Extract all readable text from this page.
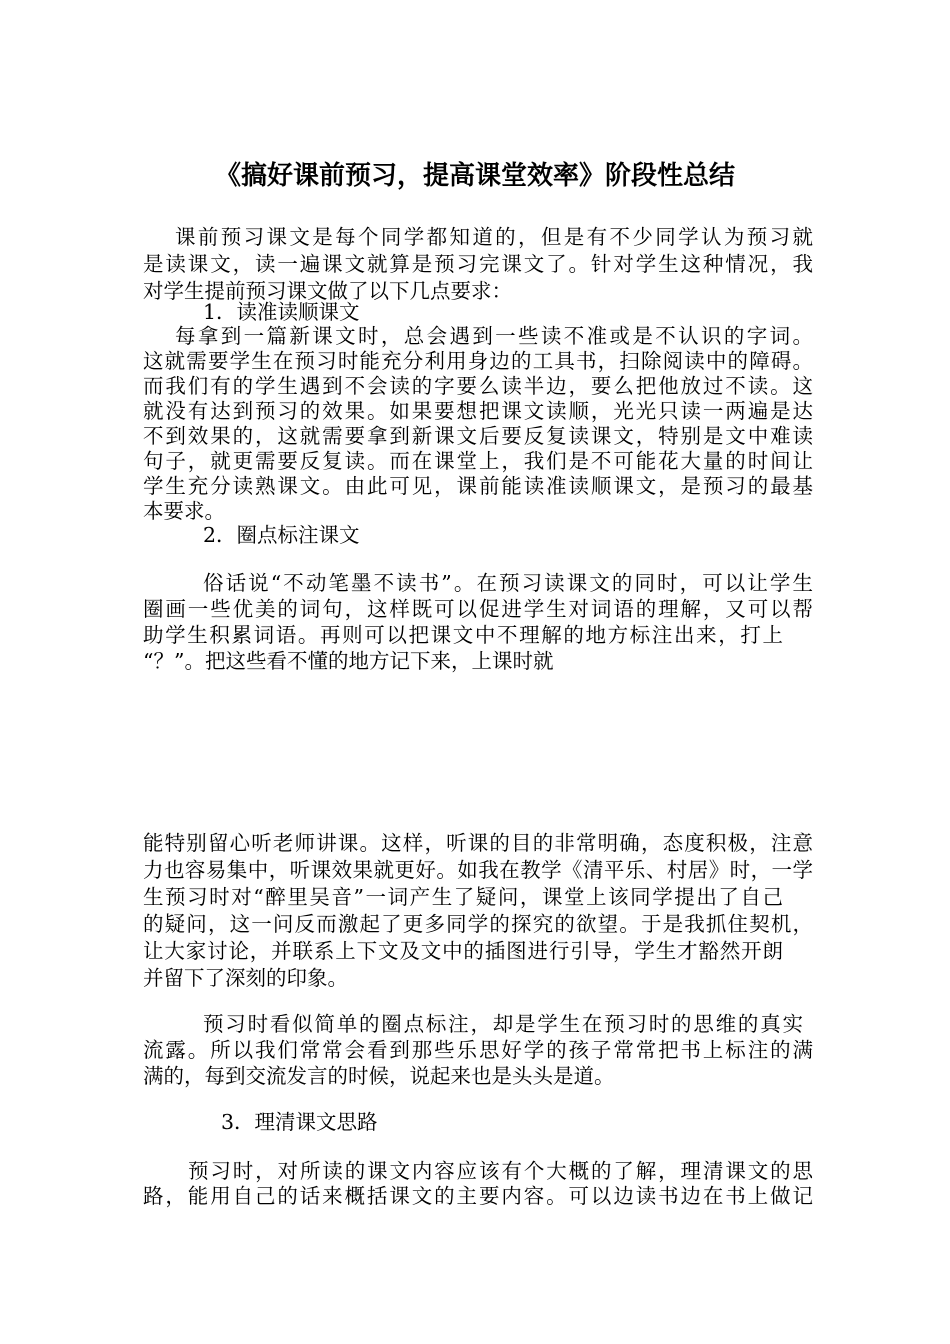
《搞好课前预习，提高课堂效率》阶段性总结
课前预习课文是每个同学都知道的，但是有不少同学认为预习就
是读课文，读一遍课文就算是预习完课文了。针对学生这种情况，我
对学生提前预习课文做了以下几点要求：
1．读准读顺课文
每拿到一篇新课文时，总会遇到一些读不准或是不认识的字词。
这就需要学生在预习时能充分利用身边的工具书，扫除阅读中的障碍。
而我们有的学生遇到不会读的字要么读半边，要么把他放过不读。这
就没有达到预习的效果。如果要想把课文读顺，光光只读一两遍是达
不到效果的，这就需要拿到新课文后要反复读课文，特别是文中难读
句子，就更需要反复读。而在课堂上，我们是不可能花大量的时间让
学生充分读熟课文。由此可见，课前能读准读顺课文，是预习的最基
本要求。
2．圈点标注课文
俗话说“不动笔墨不读书”。在预习读课文的同时，可以让学生
圈画一些优美的词句，这样既可以促进学生对词语的理解，又可以帮
助学生积累词语。再则可以把课文中不理解的地方标注出来，打上
“？”。把这些看不懂的地方记下来，上课时就
能特别留心听老师讲课。这样，听课的目的非常明确，态度积极，注意
力也容易集中，听课效果就更好。如我在教学《清平乐、村居》时，一学
生预习时对“醉里吴音”一词产生了疑问，课堂上该同学提出了自己
的疑问，这一问反而激起了更多同学的探究的欲望。于是我抓住契机，
让大家讨论，并联系上下文及文中的插图进行引导，学生才豁然开朗
并留下了深刻的印象。
预习时看似简单的圈点标注，却是学生在预习时的思维的真实
流露。所以我们常常会看到那些乐思好学的孩子常常把书上标注的满
满的，每到交流发言的时候，说起来也是头头是道。
3．理清课文思路
预习时，对所读的课文内容应该有个大概的了解，理清课文的思
路，能用自己的话来概括课文的主要内容。可以边读书边在书上做记
